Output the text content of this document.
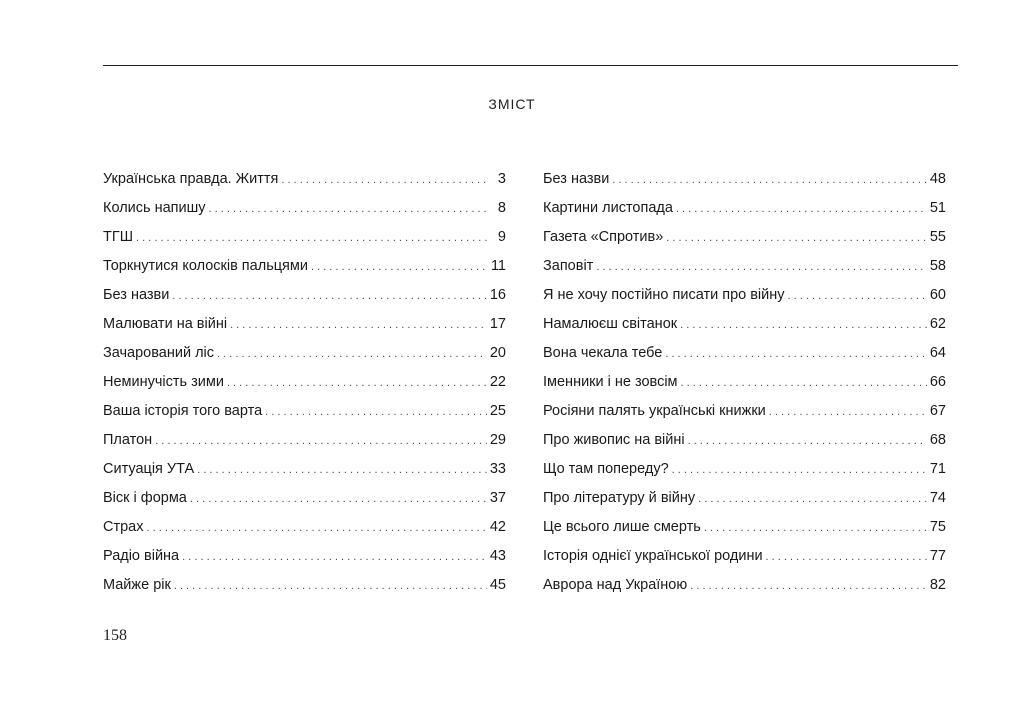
ЗМІСТ
Українська правда. Життя . . .	3
Колись напишу . . .	8
ТГШ . . .	9
Торкнутися колосків пальцями . . .	11
Без назви . . .	16
Малювати на війні . . .	17
Зачарований ліс . . .	20
Неминучість зими . . .	22
Ваша історія того варта . . .	25
Платон . . .	29
Ситуація УТА . . .	33
Віск і форма . . .	37
Страх . . .	42
Радіо війна . . .	43
Майже рік . . .	45
Без назви . . .	48
Картини листопада . . .	51
Газета «Спротив» . . .	55
Заповіт . . .	58
Я не хочу постійно писати про війну . . .	60
Намалюєш світанок . . .	62
Вона чекала тебе . . .	64
Іменники і не зовсім . . .	66
Росіяни палять українські книжки . . .	67
Про живопис на війні . . .	68
Що там попереду? . . .	71
Про літературу й війну . . .	74
Це всього лише смерть . . .	75
Історія однієї української родини . . .	77
Аврора над Україною . . .	82
158
